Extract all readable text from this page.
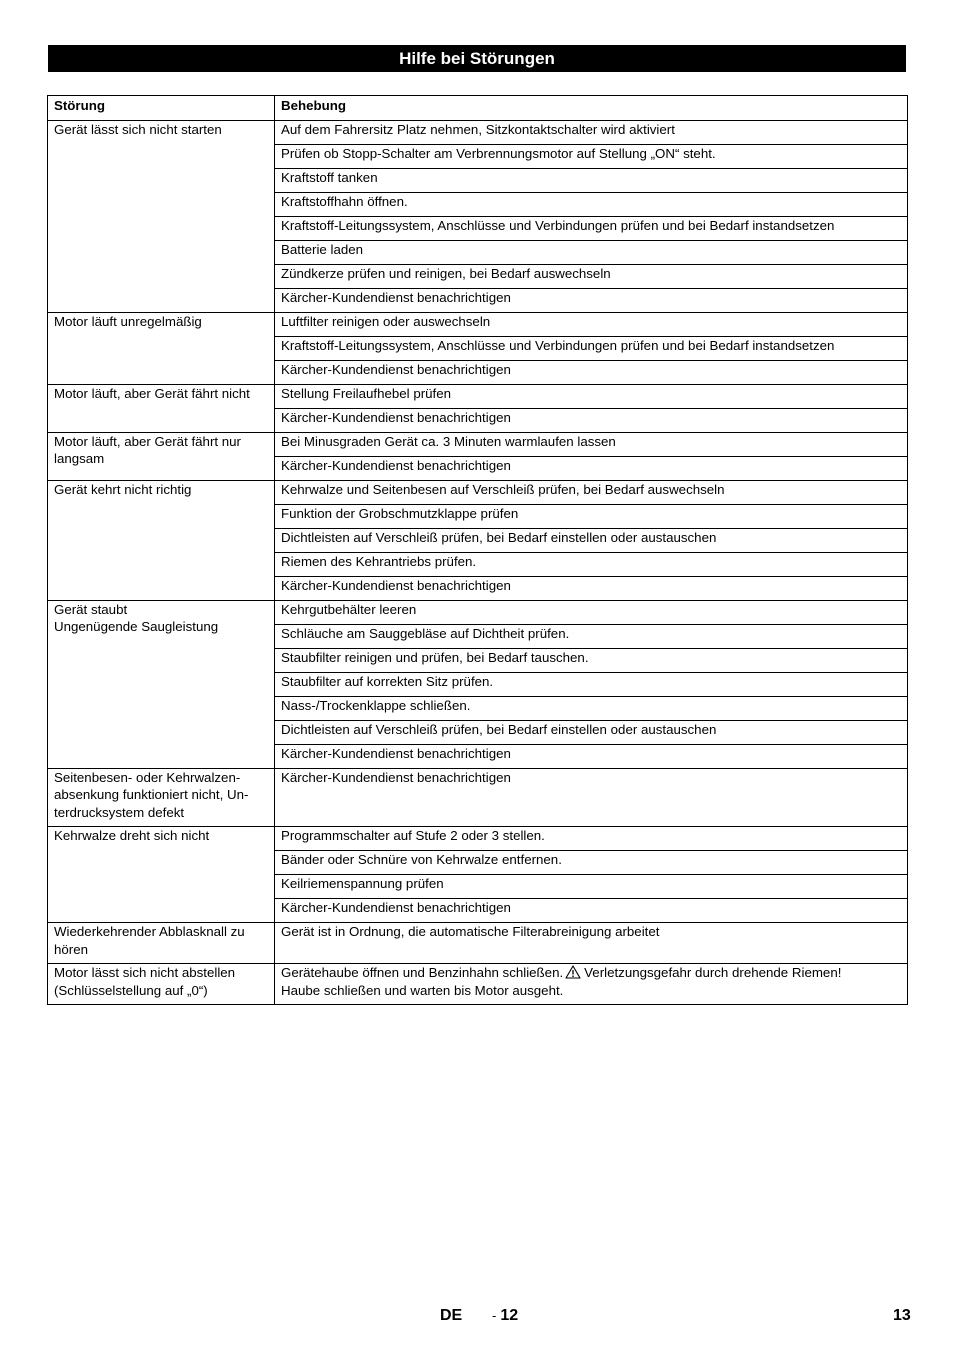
Hilfe bei Störungen
Störung	Behebung

Gerät lässt sich nicht starten	Auf dem Fahrersitz Platz nehmen, Sitzkontaktschalter wird aktiviert
	Prüfen ob Stopp-Schalter am Verbrennungsmotor auf Stellung „ON“ steht.
	Kraftstoff tanken
	Kraftstoffhahn öffnen.
	Kraftstoff-Leitungssystem, Anschlüsse und Verbindungen prüfen und bei Bedarf instandsetzen
	Batterie laden
	Zündkerze prüfen und reinigen, bei Bedarf auswechseln
	Kärcher-Kundendienst benachrichtigen

Motor läuft unregelmäßig	Luftfilter reinigen oder auswechseln
	Kraftstoff-Leitungssystem, Anschlüsse und Verbindungen prüfen und bei Bedarf instandsetzen
	Kärcher-Kundendienst benachrichtigen

Motor läuft, aber Gerät fährt nicht	Stellung Freilaufhebel prüfen
	Kärcher-Kundendienst benachrichtigen

Motor läuft, aber Gerät fährt nur langsam	Bei Minusgraden Gerät ca. 3 Minuten warmlaufen lassen
	Kärcher-Kundendienst benachrichtigen

Gerät kehrt nicht richtig	Kehrwalze und Seitenbesen auf Verschleiß prüfen, bei Bedarf auswechseln
	Funktion der Grobschmutzklappe prüfen
	Dichtleisten auf Verschleiß prüfen, bei Bedarf einstellen oder austauschen
	Riemen des Kehrantriebs prüfen.
	Kärcher-Kundendienst benachrichtigen

Gerät staubt
Ungenügende Saugleistung	Kehrgutbehälter leeren
	Schläuche am Sauggebläse auf Dichtheit prüfen.
	Staubfilter reinigen und prüfen, bei Bedarf tauschen.
	Staubfilter auf korrekten Sitz prüfen.
	Nass-/Trockenklappe schließen.
	Dichtleisten auf Verschleiß prüfen, bei Bedarf einstellen oder austauschen
	Kärcher-Kundendienst benachrichtigen

Seitenbesen- oder Kehrwalzen-
absenkung funktioniert nicht, Un-
terdrucksystem defekt	Kärcher-Kundendienst benachrichtigen

Kehrwalze dreht sich nicht	Programmschalter auf Stufe 2 oder 3 stellen.
	Bänder oder Schnüre von Kehrwalze entfernen.
	Keilriemenspannung prüfen
	Kärcher-Kundendienst benachrichtigen

Wiederkehrender Abblasknall zu
hören	Gerät ist in Ordnung, die automatische Filterabreinigung arbeitet

Motor lässt sich nicht abstellen
(Schlüsselstellung auf „0“)	Gerätehaube öffnen und Benzinhahn schließen. Verletzungsgefahr durch drehende Riemen!
Haube schließen und warten bis Motor ausgeht.
DE - 12	13
